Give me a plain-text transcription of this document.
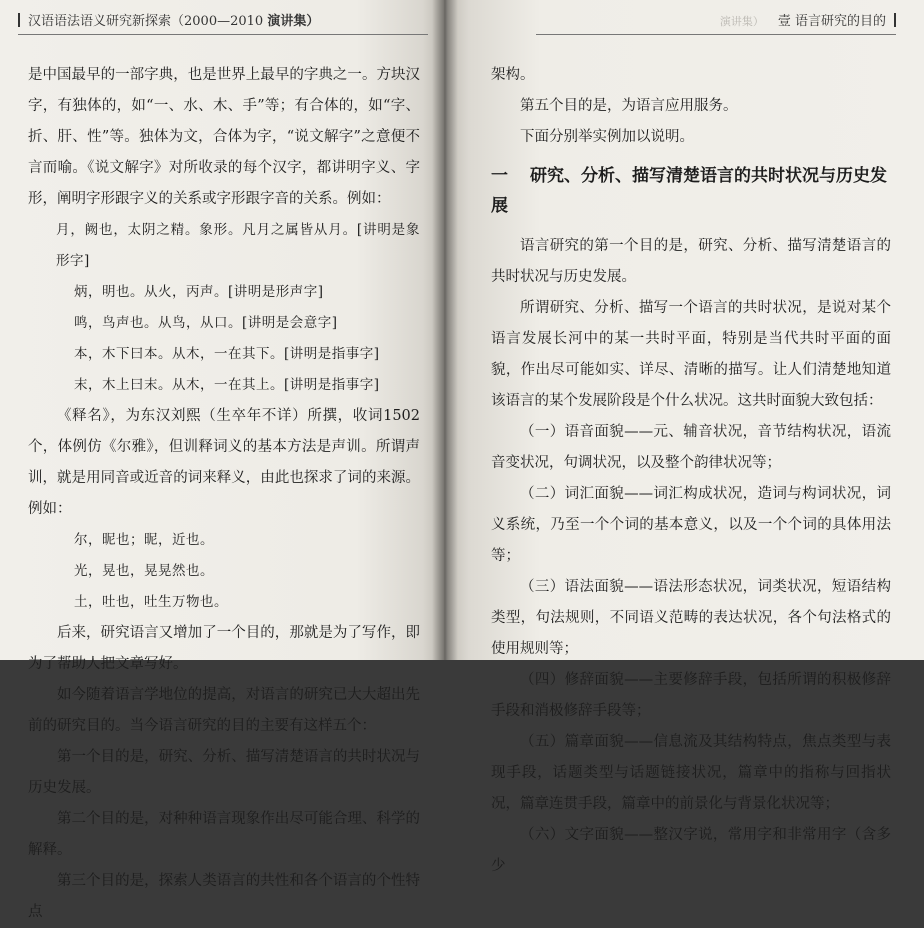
汉语语法语义研究新探索（2000—2010 演讲集）

是中国最早的一部字典，也是世界上最早的字典之一。方块汉字，有独体的，如“一、水、木、手”等；有合体的，如“字、折、肝、性”等。独体为文，合体为字，“说文解字”之意便不言而喻。《说文解字》对所收录的每个汉字，都讲明字义、字形，阐明字形跟字义的关系或字形跟字音的关系。例如：

月，阙也，太阴之精。象形。凡月之属皆从月。[讲明是象形字]

炳，明也。从火，丙声。[讲明是形声字]

鸣，鸟声也。从鸟，从口。[讲明是会意字]

本，木下曰本。从木，一在其下。[讲明是指事字]

末，木上曰末。从木，一在其上。[讲明是指事字]

《释名》，为东汉刘熙（生卒年不详）所撰，收词1502个，体例仿《尔雅》，但训释词义的基本方法是声训。所谓声训，就是用同音或近音的词来释义，由此也探求了词的来源。例如：

尔，昵也；昵，近也。

光，晃也，晃晃然也。

土，吐也，吐生万物也。

后来，研究语言又增加了一个目的，那就是为了写作，即为了帮助人把文章写好。

如今随着语言学地位的提高，对语言的研究已大大超出先前的研究目的。当今语言研究的目的主要有这样五个：

第一个目的是，研究、分析、描写清楚语言的共时状况与历史发展。

第二个目的是，对种种语言现象作出尽可能合理、科学的解释。

第三个目的是，探索人类语言的共性和各个语言的个性特点

演讲集） 壹 语言研究的目的

架构。

第五个目的是，为语言应用服务。

下面分别举实例加以说明。

一 研究、分析、描写清楚语言的共时状况与历史发展

语言研究的第一个目的是，研究、分析、描写清楚语言的共时状况与历史发展。

所谓研究、分析、描写一个语言的共时状况，是说对某个语言发展长河中的某一共时平面，特别是当代共时平面的面貌，作出尽可能如实、详尽、清晰的描写。让人们清楚地知道该语言的某个发展阶段是个什么状况。这共时面貌大致包括：

（一）语音面貌——元、辅音状况，音节结构状况，语流音变状况，句调状况，以及整个韵律状况等；

（二）词汇面貌——词汇构成状况，造词与构词状况，词义系统，乃至一个个词的基本意义，以及一个个词的具体用法等；

（三）语法面貌——语法形态状况，词类状况，短语结构类型，句法规则，不同语义范畴的表达状况，各个句法格式的使用规则等；

（四）修辞面貌——主要修辞手段，包括所谓的积极修辞手段和消极修辞手段等；

（五）篇章面貌——信息流及其结构特点，焦点类型与表现手段，话题类型与话题链接状况，篇章中的指称与回指状况，篇章连贯手段，篇章中的前景化与背景化状况等；

（六）文字面貌——整汉字说，常用字和非常用字（含多少
